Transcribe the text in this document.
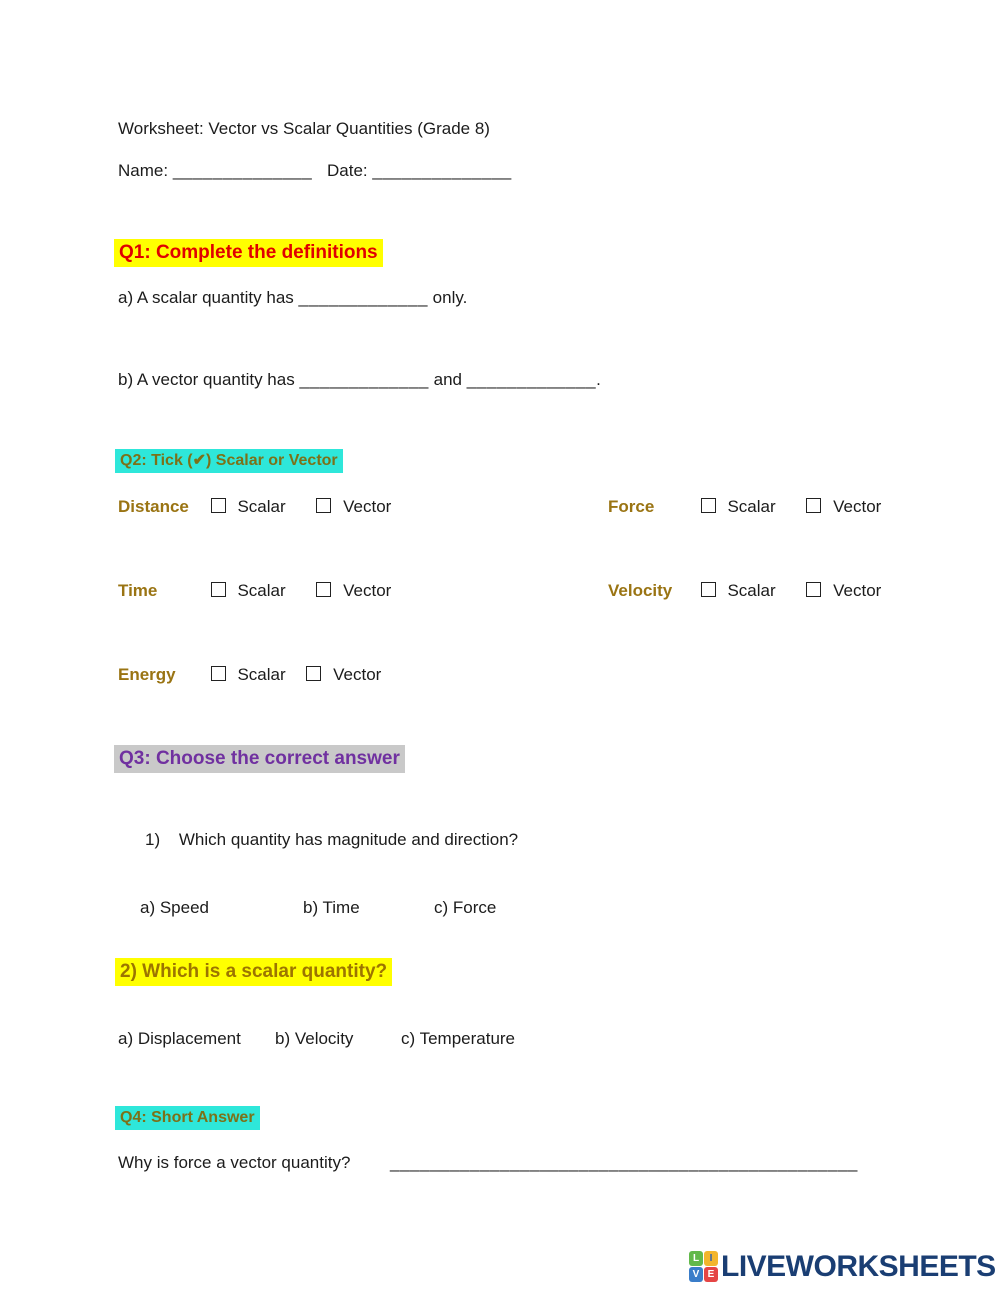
Worksheet: Vector vs Scalar Quantities (Grade 8)
Name: ______________ Date: ______________
Q1: Complete the definitions
a) A scalar quantity has _____________ only.
b) A vector quantity has _____________ and _____________.
Q2: Tick (✔) Scalar or Vector
Distance	Scalar	Vector	Force	Scalar	Vector
Time	Scalar	Vector	Velocity	Scalar	Vector
Energy	Scalar	Vector
Q3: Choose the correct answer
1) Which quantity has magnitude and direction?
a) Speed	b) Time	c) Force
2) Which is a scalar quantity?
a) Displacement b) Velocity	c) Temperature
Q4: Short Answer
Why is force a vector quantity? _______________________________________________
L	I
V E LIVEWORKSHEETS
